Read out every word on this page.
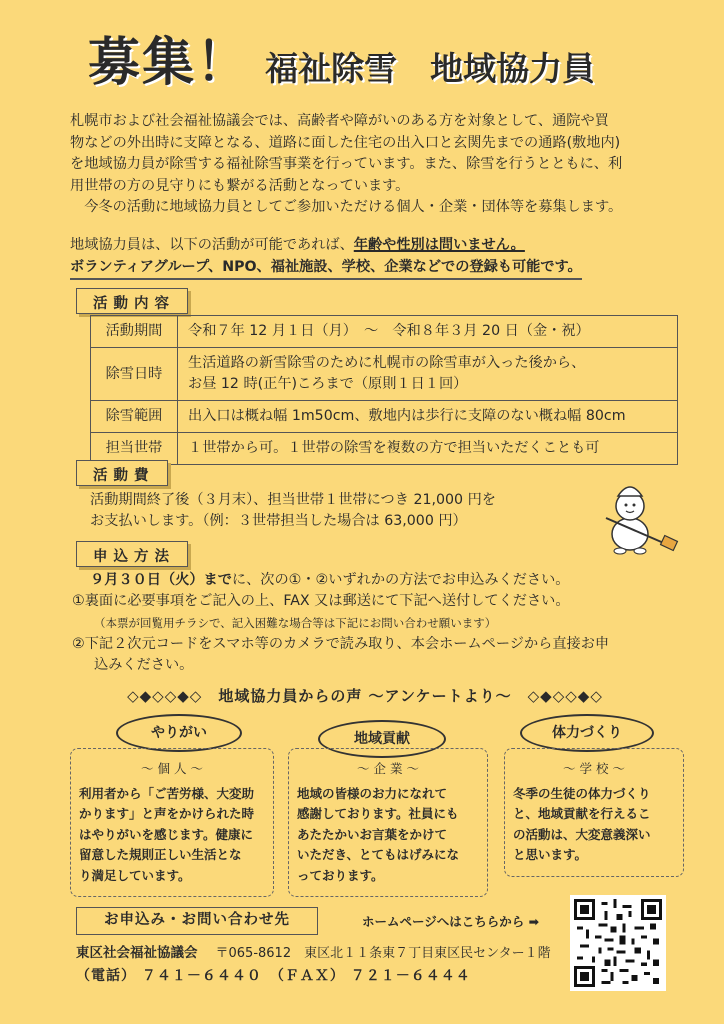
募集！ 福祉除雪　地域協力員

札幌市および社会福祉協議会では、高齢者や障がいのある方を対象として、通院や買

物などの外出時に支障となる、道路に面した住宅の出入口と玄関先までの通路(敷地内)

を地域協力員が除雪する福祉除雪事業を行っています。また、除雪を行うとともに、利

用世帯の方の見守りにも繋がる活動となっています。

今冬の活動に地域協力員としてご参加いただける個人・企業・団体等を募集します。

地域協力員は、以下の活動が可能であれば、年齢や性別は問いません。
ボランティアグループ、NPO、福祉施設、学校、企業などでの登録も可能です。
活動内容
活動期間	令和７年 12 月１日（月）　～　令和８年３月 20 日（金・祝）
除雪日時	生活道路の新雪除雪のために札幌市の除雪車が入った後から、
お昼 12 時(正午)ころまで（原則１日１回）

除雪範囲	出入口は概ね幅 1m50cm、敷地内は歩行に支障のない概ね幅 80cm
担当世帯	１世帯から可。１世帯の除雪を複数の方で担当いただくことも可
活動費
活動期間終了後（３月末）、担当世帯１世帯につき 21,000 円を
お支払いします。（例：３世帯担当した場合は 63,000 円）
申込方法
９月３０日（火）までに、次の①・②いずれかの方法でお申込みください。
①裏面に必要事項をご記入の上、FAX 又は郵送にて下記へ送付してください。
（本票が回覧用チラシで、記入困難な場合等は下記にお問い合わせ願います）
②下記２次元コードをスマホ等のカメラで読み取り、本会ホームページから直接お申
込みください。
◇◆◇◇◆◇　地域協力員からの声 ～アンケートより～　◇◆◇◇◆◇
やりがい	地域貢献	体力づくり
～ 個 人 ～
利用者から「ご苦労様、大変助
かります」と声をかけられた時
はやりがいを感じます。健康に
留意した規則正しい生活とな
り満足しています。
～ 企 業 ～
地域の皆様のお力になれて
感謝しております。社員にも
あたたかいお言葉をかけて
いただき、とてもはげみにな
っております。
～ 学 校 ～
冬季の生徒の体力づくり
と、地域貢献を行えるこ
の活動は、大変意義深い
と思います。
お申込み・お問い合わせ先	ホームページへはこちらから ➡
東区社会福祉協議会 〒065-8612　東区北１１条東７丁目東区民センター１階
（電話） ７４１－６４４０　（ＦＡＸ） ７２１－６４４４
